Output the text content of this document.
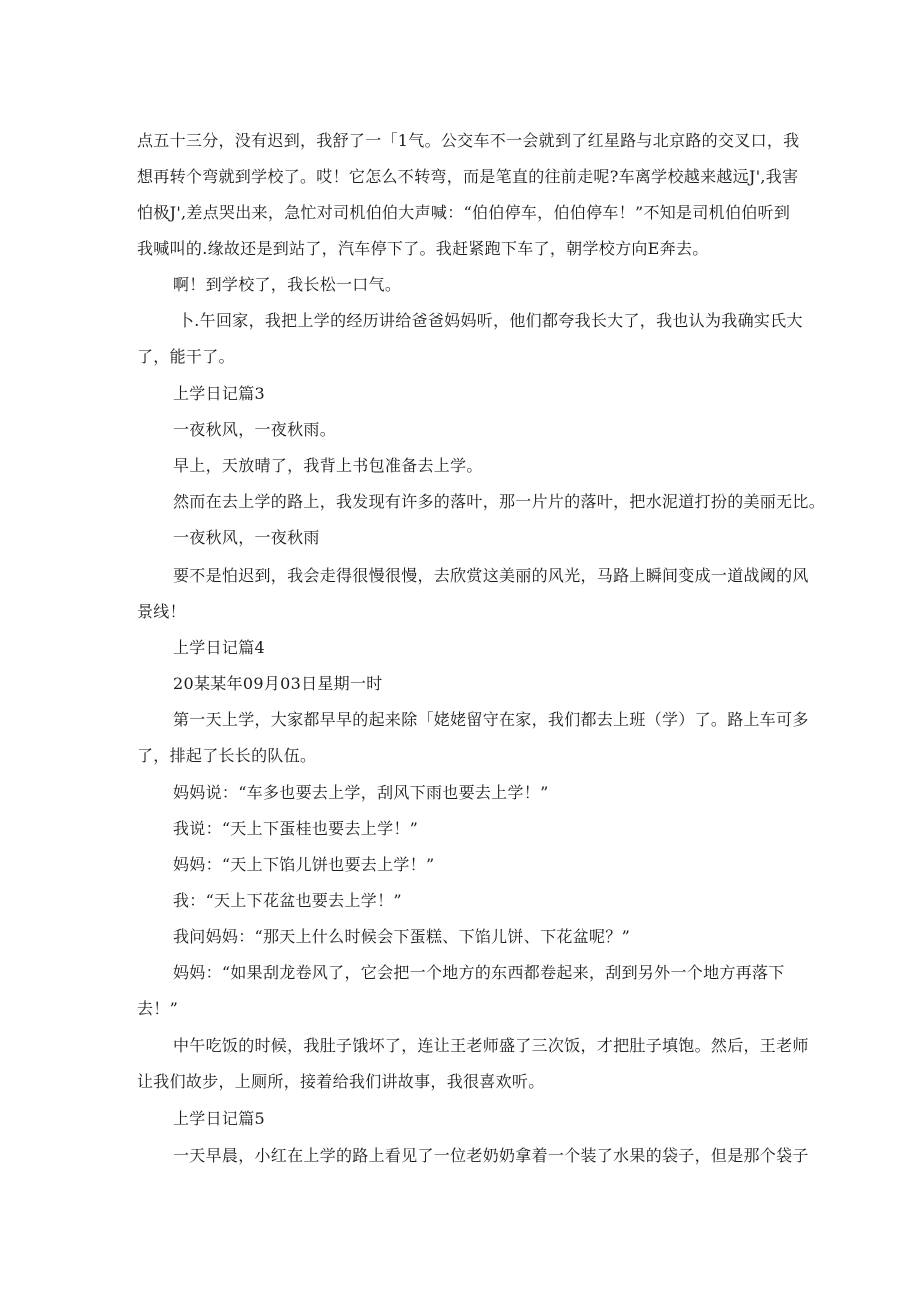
点五十三分，没有迟到，我舒了一「1气。公交车不一会就到了红星路与北京路的交叉口，我
想再转个弯就到学校了。哎！它怎么不转弯，而是笔直的往前走呢?车离学校越来越远J',我害
怕极J',差点哭出来，急忙对司机伯伯大声喊：“伯伯停车，伯伯停车！”不知是司机伯伯听到
我喊叫的.缘故还是到站了，汽车停下了。我赶紧跑下车了，朝学校方向E奔去。
啊！到学校了，我长松一口气。
卜.午回家，我把上学的经历讲给爸爸妈妈听，他们都夸我长大了，我也认为我确实氏大
了，能干了。
上学日记篇3
一夜秋风，一夜秋雨。
早上，天放晴了，我背上书包准备去上学。
然而在去上学的路上，我发现有许多的落叶，那一片片的落叶，把水泥道打扮的美丽无比。
一夜秋风，一夜秋雨
要不是怕迟到，我会走得很慢很慢，去欣赏这美丽的风光，马路上瞬间变成一道战阈的风
景线！
上学日记篇4
20某某年09月03日星期一时
第一天上学，大家都早早的起来除「姥姥留守在家，我们都去上班（学）了。路上车可多
了，排起了长长的队伍。
妈妈说：“车多也要去上学，刮风下雨也要去上学！”
我说：“天上下蛋桂也要去上学！”
妈妈：“天上下馅儿饼也要去上学！”
我：“天上下花盆也要去上学！”
我问妈妈：“那天上什么时候会下蛋糕、下馅儿饼、下花盆呢？”
妈妈：“如果刮龙卷风了，它会把一个地方的东西都卷起来，刮到另外一个地方再落下
去！”
中午吃饭的时候，我肚子饿坏了，连让王老师盛了三次饭，才把肚子填饱。然后，王老师
让我们故步，上厕所，接着给我们讲故事，我很喜欢听。
上学日记篇5
一天早晨，小红在上学的路上看见了一位老奶奶拿着一个装了水果的袋子，但是那个袋子
